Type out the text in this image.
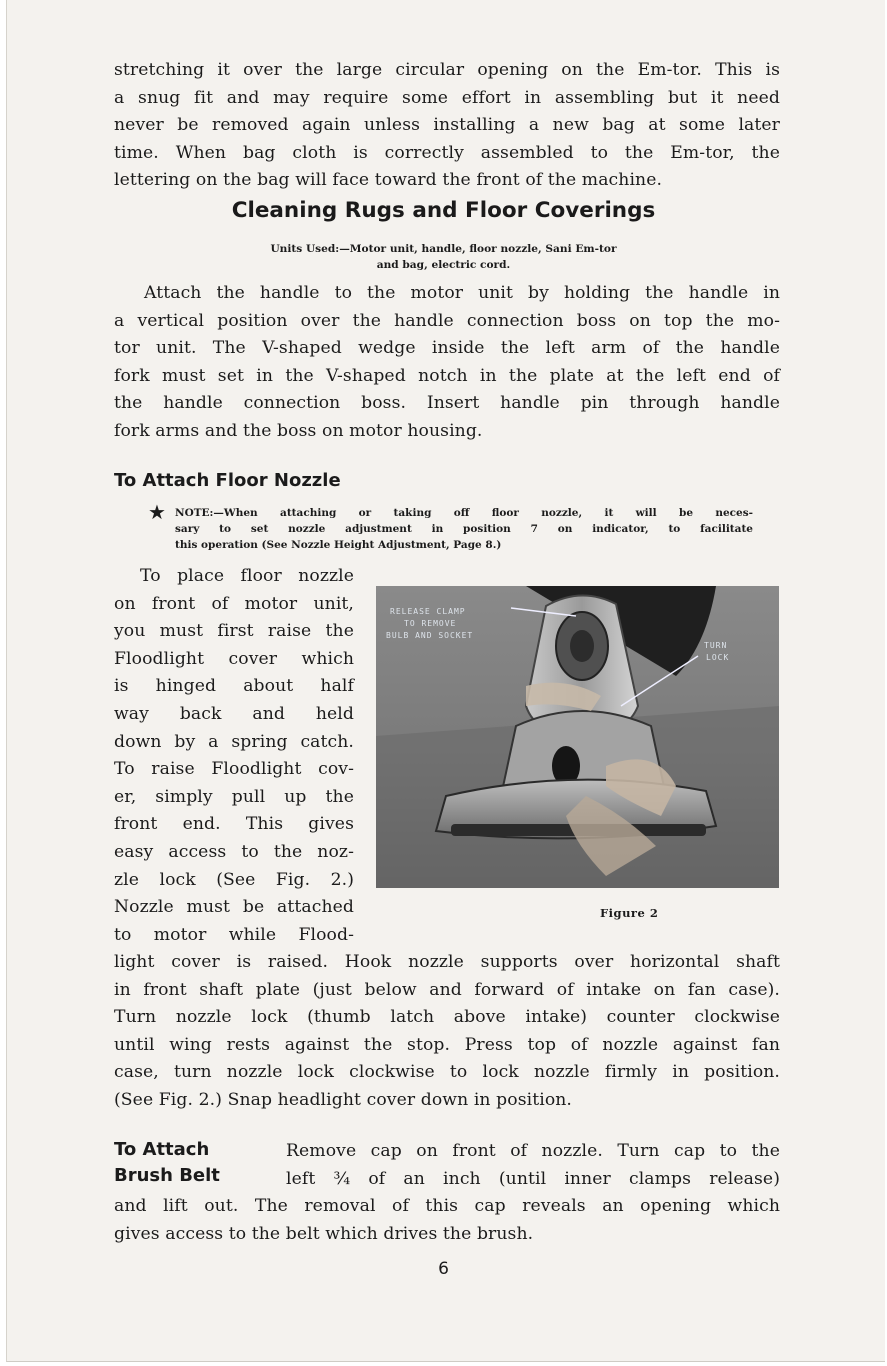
stretching it over the large circular opening on the Em-tor. This is
a snug fit and may require some effort in assembling but it need
never be removed again unless installing a new bag at some later
time. When bag cloth is correctly assembled to the Em-tor, the
lettering on the bag will face toward the front of the machine.
Cleaning Rugs and Floor Coverings
Units Used:—Motor unit, handle, floor nozzle, Sani Em-tor
and bag, electric cord.
Attach the handle to the motor unit by holding the handle in
a vertical position over the handle connection boss on top the mo-
tor unit. The V-shaped wedge inside the left arm of the handle
fork must set in the V-shaped notch in the plate at the left end of
the handle connection boss. Insert handle pin through handle
fork arms and the boss on motor housing.
To Attach Floor Nozzle
★ NOTE:—When attaching or taking off floor nozzle, it will be neces-
sary to set nozzle adjustment in position 7 on indicator, to facilitate
this operation (See Nozzle Height Adjustment, Page 8.)
To place floor nozzle
on front of motor unit,
you must first raise the
Floodlight cover which
is hinged about half
way back and held
down by a spring catch.
To raise Floodlight cov-
er, simply pull up the
front end. This gives
easy access to the noz-
zle lock (See Fig. 2.)
Nozzle must be attached
to motor while Flood-
RELEASE CLAMP
TO REMOVE
BULB AND SOCKET
TURN
LOCK
Figure 2
light cover is raised. Hook nozzle supports over horizontal shaft
in front shaft plate (just below and forward of intake on fan case).
Turn nozzle lock (thumb latch above intake) counter clockwise
until wing rests against the stop. Press top of nozzle against fan
case, turn nozzle lock clockwise to lock nozzle firmly in position.
(See Fig. 2.) Snap headlight cover down in position.
To Attach
Brush Belt
Remove cap on front of nozzle. Turn cap to the
left ¾ of an inch (until inner clamps release)
and lift out. The removal of this cap reveals an opening which
gives access to the belt which drives the brush.
6
